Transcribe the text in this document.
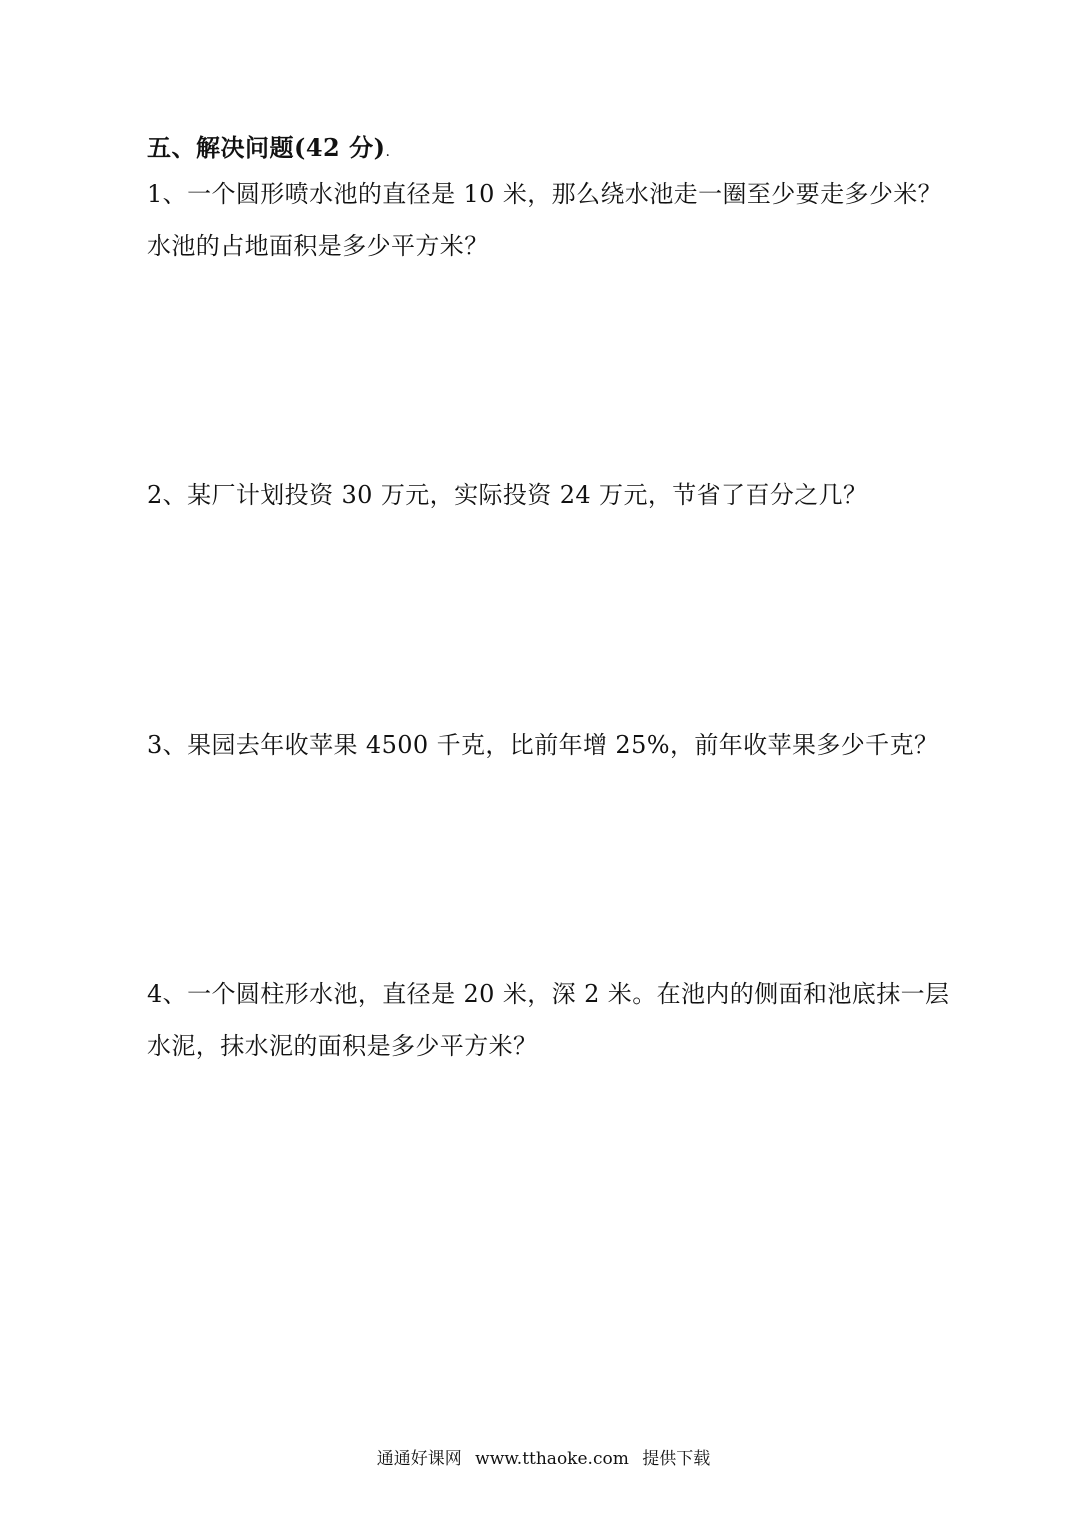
五、解决问题(42 分).
1、一个圆形喷水池的直径是 10 米，那么绕水池走一圈至少要走多少米？
水池的占地面积是多少平方米？
2、某厂计划投资 30 万元，实际投资 24 万元，节省了百分之几？
3、果园去年收苹果 4500 千克，比前年增 25%，前年收苹果多少千克？
4、一个圆柱形水池，直径是 20 米，深 2 米。在池内的侧面和池底抹一层
水泥，抹水泥的面积是多少平方米？
通通好课网 www.tthaoke.com 提供下载
